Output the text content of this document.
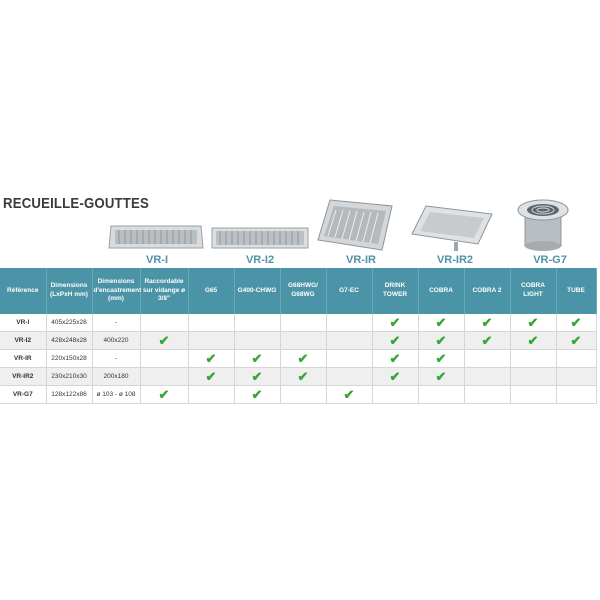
RECUEILLE-GOUTTES
VR-I	VR-I2	VR-IR	VR-IR2	VR-G7
Référence	Dimensions (LxPxH mm)	Dimensions d'encastrement (mm)	Raccordable sur vidange ø 3/8"	G65	G400-CHWG	G68HWG/ G68WG	G7-EC	DRINK TOWER	COBRA	COBRA 2	COBRA LIGHT	TUBE
VR-I	405x225x28	-						✔	✔	✔	✔	✔
VR-I2	428x248x28	400x220	✔					✔	✔	✔	✔	✔
VR-IR	220x150x28	-		✔	✔	✔		✔	✔			
VR-IR2	230x210x30	200x180		✔	✔	✔		✔	✔			
VR-G7	128x122x86	ø 103 - ø 108	✔		✔		✔					
